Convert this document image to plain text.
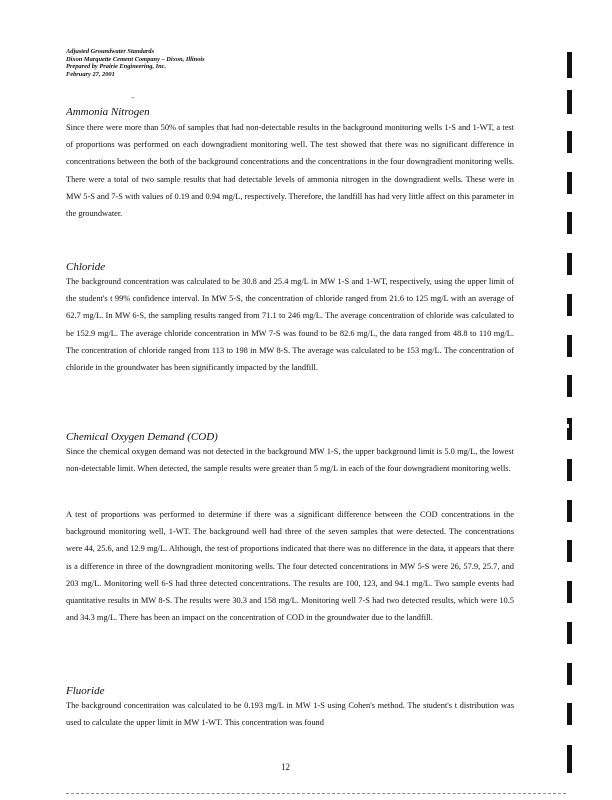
Adjusted Groundwater Standards
Dixon Marquette Cement Company – Dixon, Illinois
Prepared by Prairie Engineering, Inc.
February 27, 2001
"
Ammonia Nitrogen
Since there were more than 50% of samples that had non-detectable results in the background monitoring wells 1-S and 1-WT, a test of proportions was performed on each downgradient monitoring well. The test showed that there was no significant difference in concentrations between the both of the background concentrations and the concentrations in the four downgradient monitoring wells. There were a total of two sample results that had detectable levels of ammonia nitrogen in the downgradient wells. These were in MW 5-S and 7-S with values of 0.19 and 0.94 mg/L, respectively. Therefore, the landfill has had very little affect on this parameter in the groundwater.
Chloride
The background concentration was calculated to be 30.8 and 25.4 mg/L in MW 1-S and 1-WT, respectively, using the upper limit of the student's t 99% confidence interval. In MW 5-S, the concentration of chloride ranged from 21.6 to 125 mg/L with an average of 62.7 mg/L. In MW 6-S, the sampling results ranged from 71.1 to 246 mg/L. The average concentration of chloride was calculated to be 152.9 mg/L. The average chloride concentration in MW 7-S was found to be 82.6 mg/L, the data ranged from 48.8 to 110 mg/L. The concentration of chloride ranged from 113 to 198 in MW 8-S. The average was calculated to be 153 mg/L. The concentration of chloride in the groundwater has been significantly impacted by the landfill.
Chemical Oxygen Demand (COD)
Since the chemical oxygen demand was not detected in the background MW 1-S, the upper background limit is 5.0 mg/L, the lowest non-detectable limit. When detected, the sample results were greater than 5 mg/L in each of the four downgradient monitoring wells.
A test of proportions was performed to determine if there was a significant difference between the COD concentrations in the background monitoring well, 1-WT. The background well had three of the seven samples that were detected. The concentrations were 44, 25.6, and 12.9 mg/L. Although, the test of proportions indicated that there was no difference in the data, it appears that there is a difference in three of the downgradient monitoring wells. The four detected concentrations in MW 5-S were 26, 57.9, 25.7, and 203 mg/L. Monitoring well 6-S had three detected concentrations. The results are 100, 123, and 94.1 mg/L. Two sample events had quantitative results in MW 8-S. The results were 30.3 and 158 mg/L. Monitoring well 7-S had two detected results, which were 10.5 and 34.3 mg/L. There has been an impact on the concentration of COD in the groundwater due to the landfill.
Fluoride
The background concentration was calculated to be 0.193 mg/L in MW 1-S using Cohen's method. The student's t distribution was used to calculate the upper limit in MW 1-WT. This concentration was found
12
